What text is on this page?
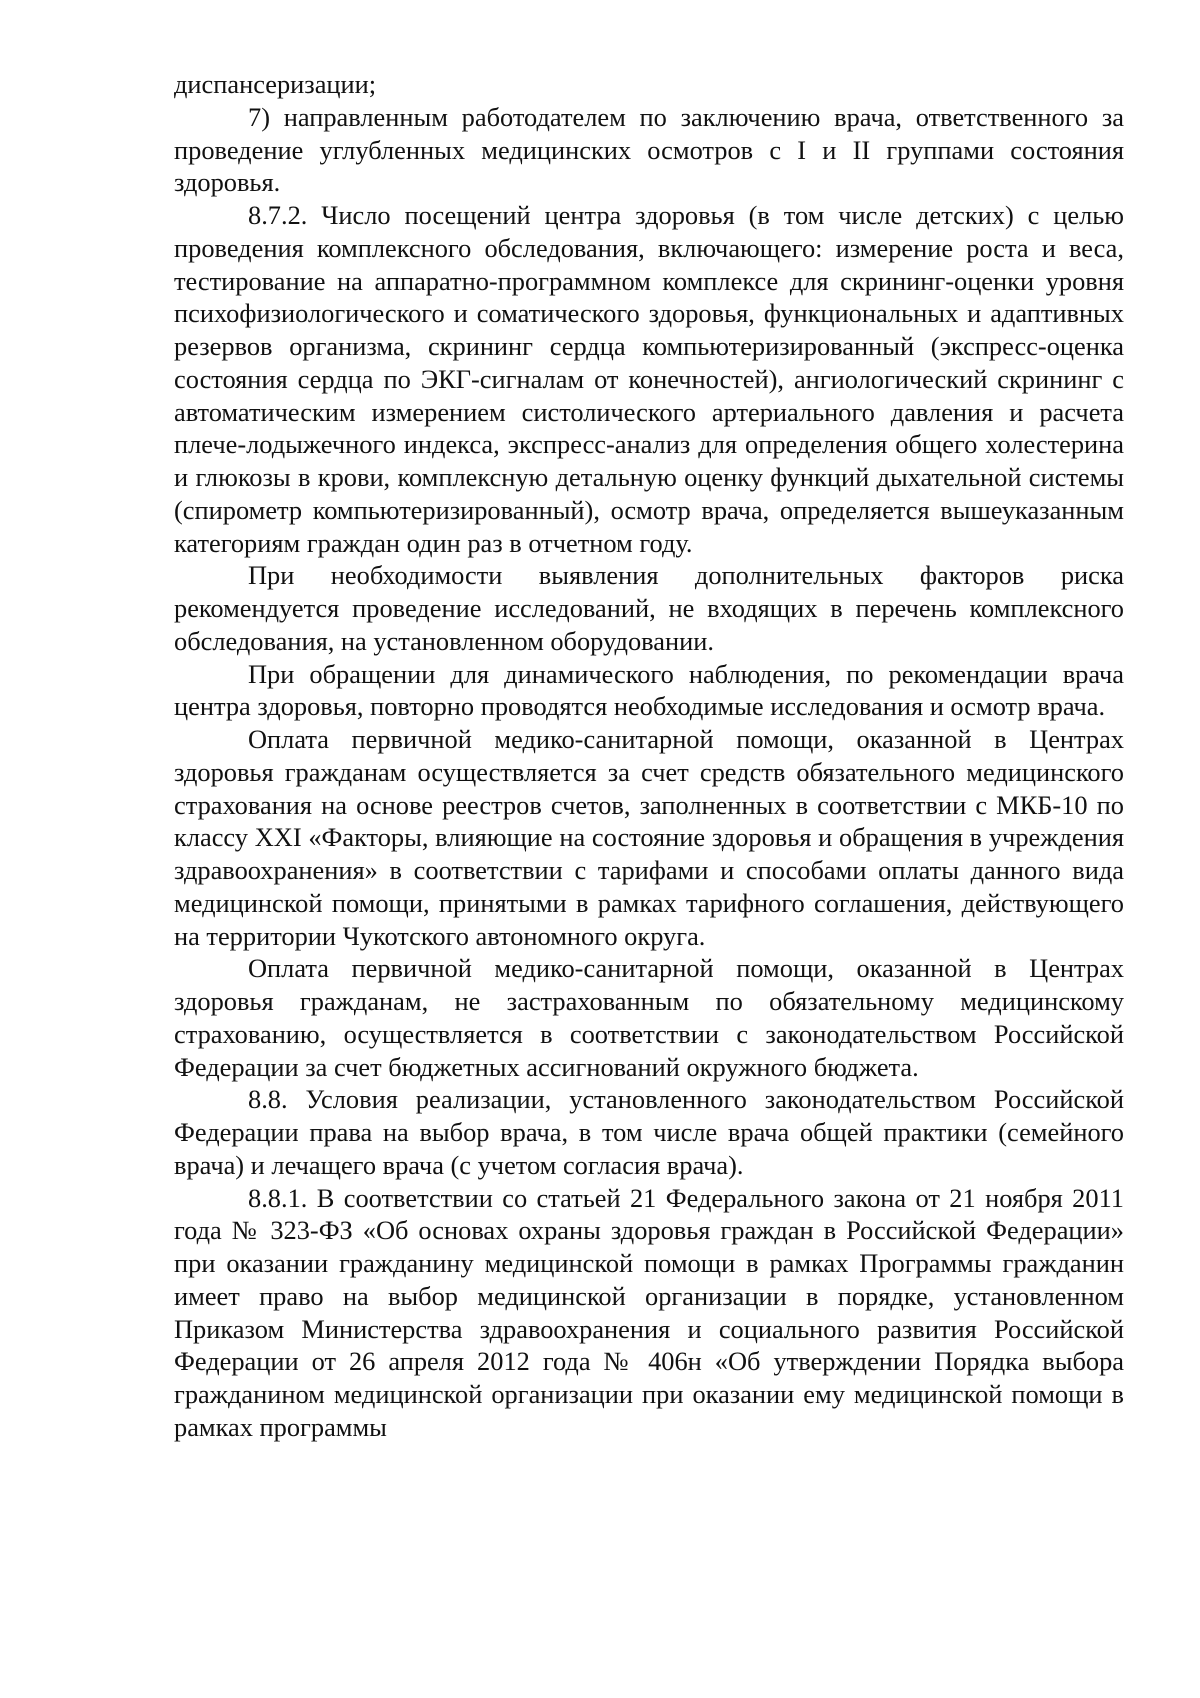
диспансеризации;

7) направленным работодателем по заключению врача, ответственного за проведение углубленных медицинских осмотров с I и II группами состояния здоровья.

8.7.2. Число посещений центра здоровья (в том числе детских) с целью проведения комплексного обследования, включающего: измерение роста и веса, тестирование на аппаратно-программном комплексе для скрининг-оценки уровня психофизиологического и соматического здоровья, функциональных и адаптивных резервов организма, скрининг сердца компьютеризированный (экспресс-оценка состояния сердца по ЭКГ-сигналам от конечностей), ангиологический скрининг с автоматическим измерением систолического артериального давления и расчета плече-лодыжечного индекса, экспресс-анализ для определения общего холестерина и глюкозы в крови, комплексную детальную оценку функций дыхательной системы (спирометр компьютеризированный), осмотр врача, определяется вышеуказанным категориям граждан один раз в отчетном году.

При необходимости выявления дополнительных факторов риска рекомендуется проведение исследований, не входящих в перечень комплексного обследования, на установленном оборудовании.

При обращении для динамического наблюдения, по рекомендации врача центра здоровья, повторно проводятся необходимые исследования и осмотр врача.

Оплата первичной медико-санитарной помощи, оказанной в Центрах здоровья гражданам осуществляется за счет средств обязательного медицинского страхования на основе реестров счетов, заполненных в соответствии с МКБ-10 по классу XXI «Факторы, влияющие на состояние здоровья и обращения в учреждения здравоохранения» в соответствии с тарифами и способами оплаты данного вида медицинской помощи, принятыми в рамках тарифного соглашения, действующего на территории Чукотского автономного округа.

Оплата первичной медико-санитарной помощи, оказанной в Центрах здоровья гражданам, не застрахованным по обязательному медицинскому страхованию, осуществляется в соответствии с законодательством Российской Федерации за счет бюджетных ассигнований окружного бюджета.

8.8. Условия реализации, установленного законодательством Российской Федерации права на выбор врача, в том числе врача общей практики (семейного врача) и лечащего врача (с учетом согласия врача).

8.8.1. В соответствии со статьей 21 Федерального закона от 21 ноября 2011 года № 323-ФЗ «Об основах охраны здоровья граждан в Российской Федерации» при оказании гражданину медицинской помощи в рамках Программы гражданин имеет право на выбор медицинской организации в порядке, установленном Приказом Министерства здравоохранения и социального развития Российской Федерации от 26 апреля 2012 года № 406н «Об утверждении Порядка выбора гражданином медицинской организации при оказании ему медицинской помощи в рамках программы
